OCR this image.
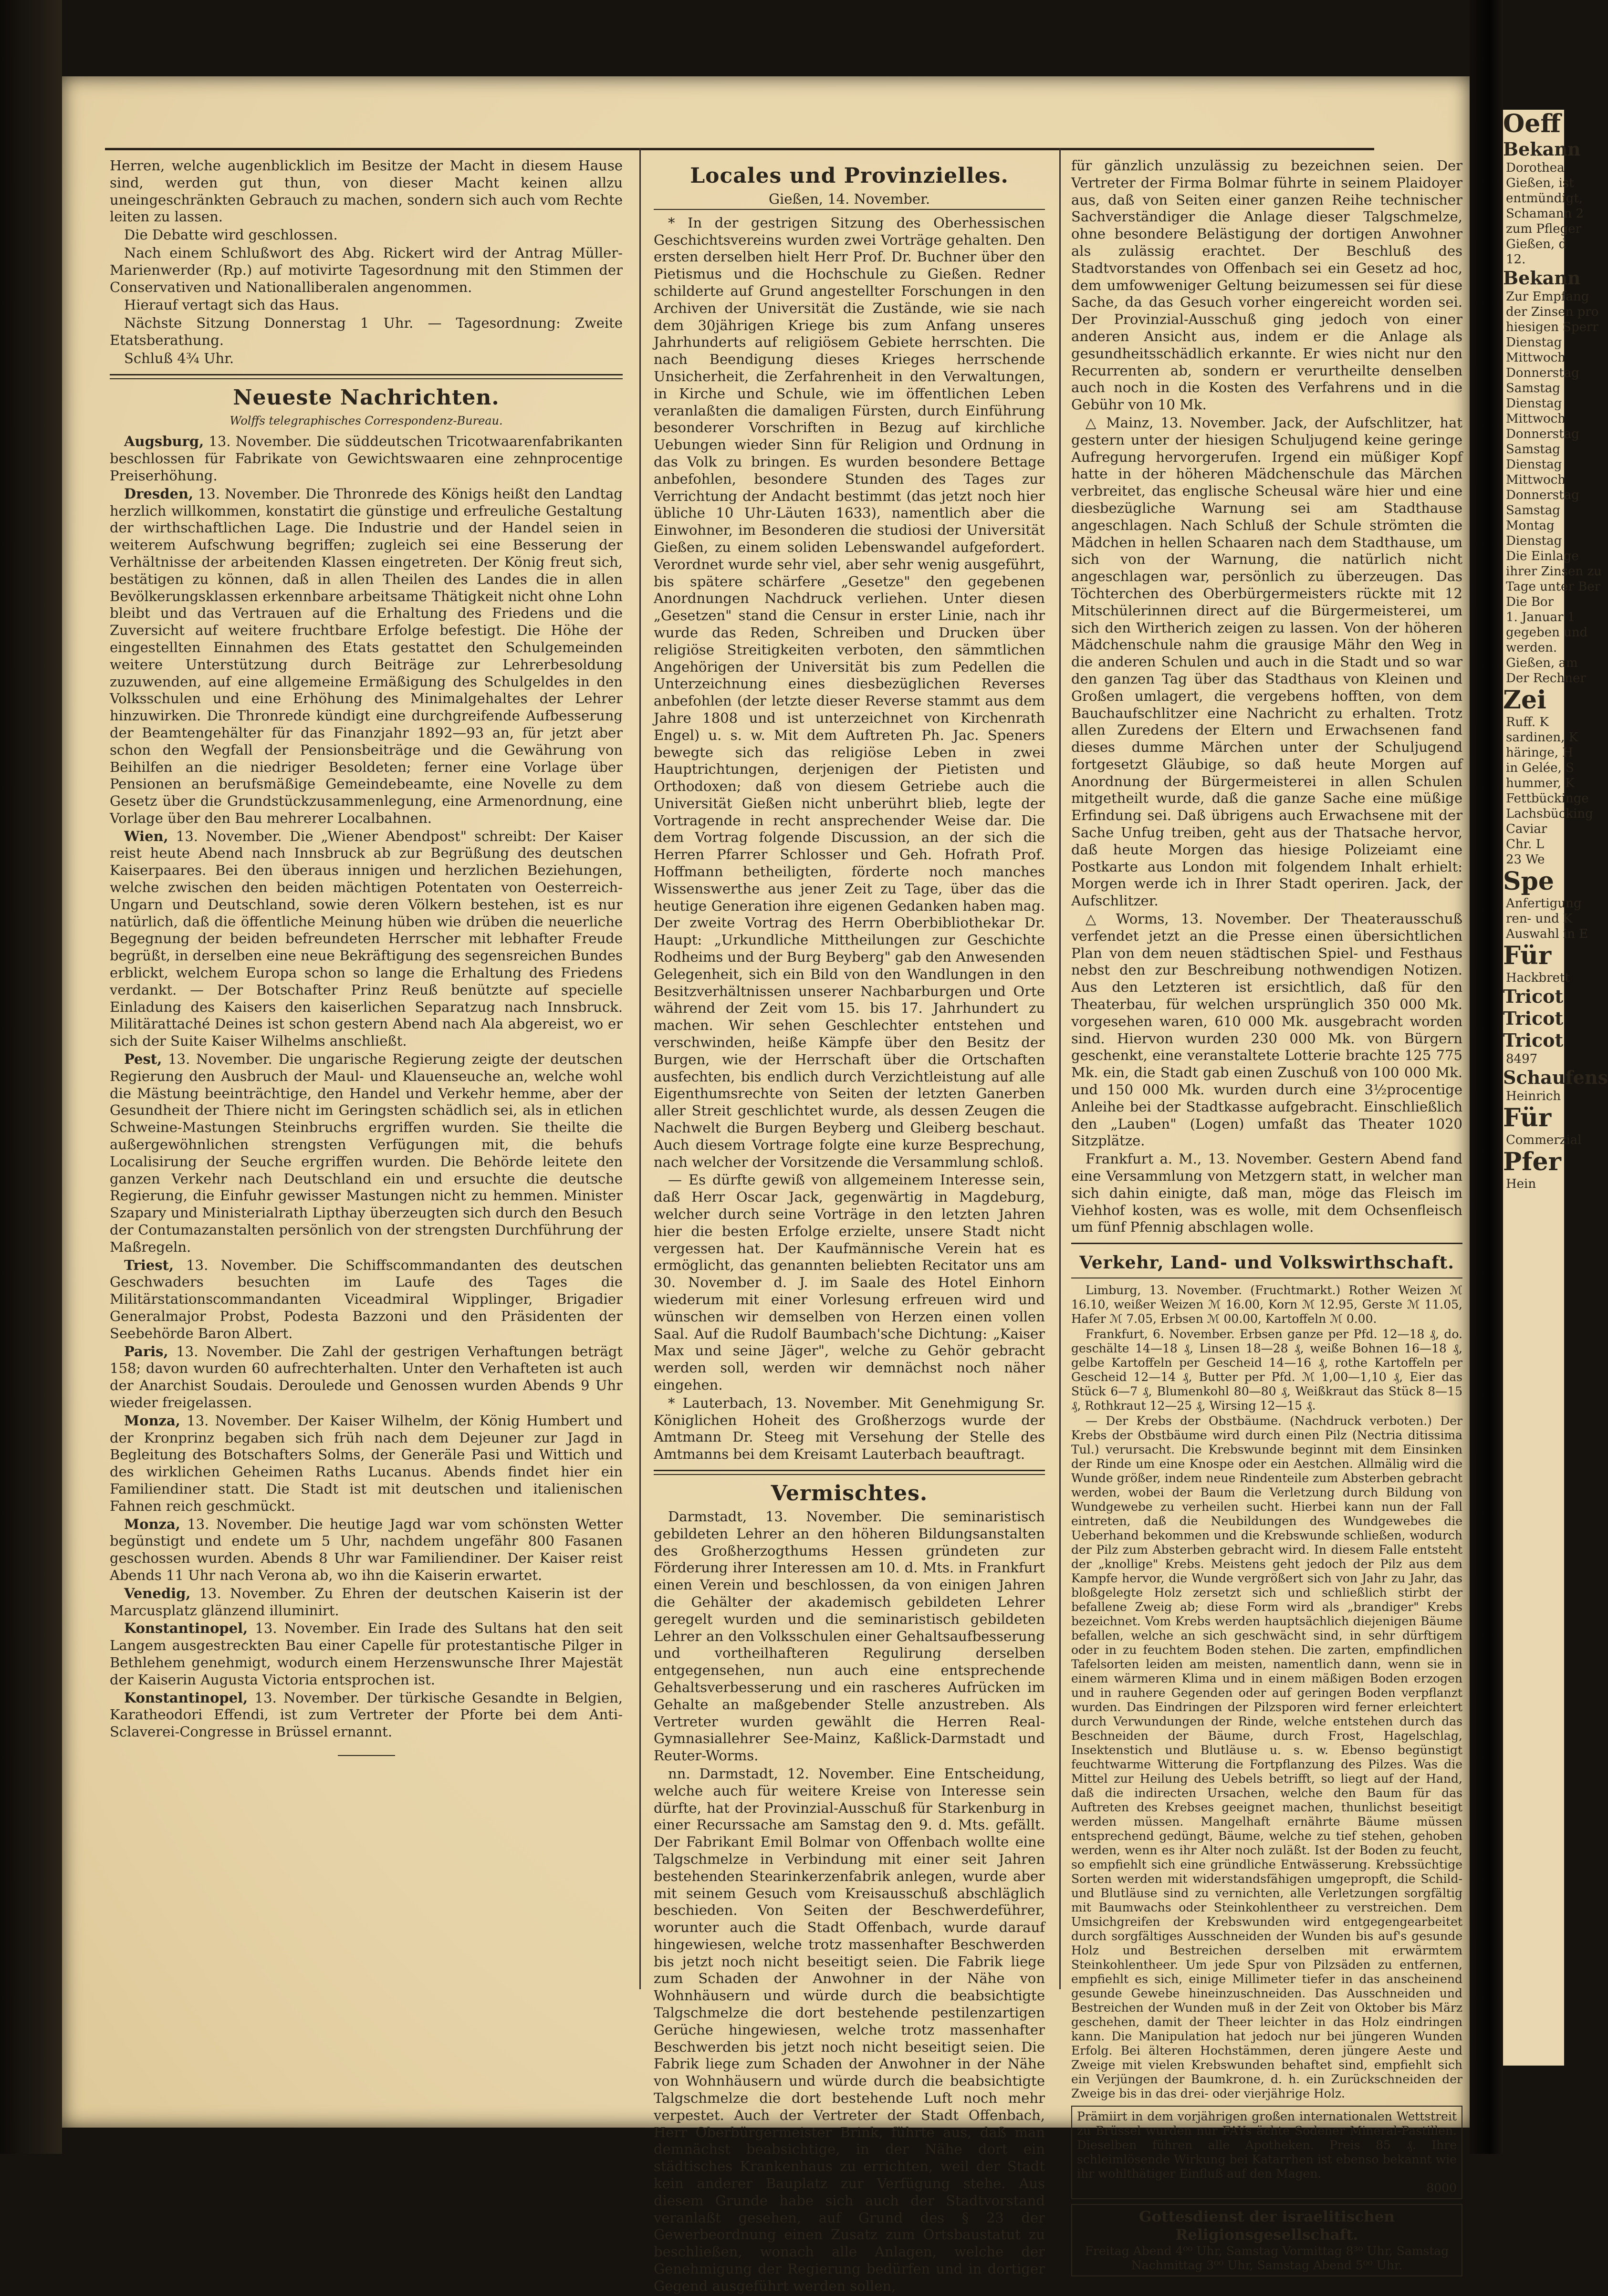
Herren, welche augenblicklich im Besitze der Macht in diesem Hause sind, werden gut thun, von dieser Macht keinen allzu uneingeschränkten Gebrauch zu machen, sondern sich auch vom Rechte leiten zu lassen.

Die Debatte wird geschlossen.

Nach einem Schlußwort des Abg. Rickert wird der Antrag Müller-Marienwerder (Rp.) auf motivirte Tagesordnung mit den Stimmen der Conservativen und Nationalliberalen angenommen.

Hierauf vertagt sich das Haus.

Nächste Sitzung Donnerstag 1 Uhr. — Tagesordnung: Zweite Etatsberathung.

Schluß 4¾ Uhr.

Neueste Nachrichten.
Wolffs telegraphisches Correspondenz-Bureau.

Augsburg, 13. November. Die süddeutschen Tricotwaarenfabrikanten beschlossen für Fabrikate von Gewichtswaaren eine zehnprocentige Preiserhöhung.

Dresden, 13. November. Die Thronrede des Königs heißt den Landtag herzlich willkommen, konstatirt die günstige und erfreuliche Gestaltung der wirthschaftlichen Lage. Die Industrie und der Handel seien in weiterem Aufschwung begriffen; zugleich sei eine Besserung der Verhältnisse der arbeitenden Klassen eingetreten. Der König freut sich, bestätigen zu können, daß in allen Theilen des Landes die in allen Bevölkerungsklassen erkennbare arbeitsame Thätigkeit nicht ohne Lohn bleibt und das Vertrauen auf die Erhaltung des Friedens und die Zuversicht auf weitere fruchtbare Erfolge befestigt. Die Höhe der eingestellten Einnahmen des Etats gestattet den Schulgemeinden weitere Unterstützung durch Beiträge zur Lehrerbesoldung zuzuwenden, auf eine allgemeine Ermäßigung des Schulgeldes in den Volksschulen und eine Erhöhung des Minimalgehaltes der Lehrer hinzuwirken. Die Thronrede kündigt eine durchgreifende Aufbesserung der Beamtengehälter für das Finanzjahr 1892—93 an, für jetzt aber schon den Wegfall der Pensionsbeiträge und die Gewährung von Beihilfen an die niedriger Besoldeten; ferner eine Vorlage über Pensionen an berufsmäßige Gemeindebeamte, eine Novelle zu dem Gesetz über die Grundstückzusammenlegung, eine Armenordnung, eine Vorlage über den Bau mehrerer Localbahnen.

Wien, 13. November. Die „Wiener Abendpost" schreibt: Der Kaiser reist heute Abend nach Innsbruck ab zur Begrüßung des deutschen Kaiserpaares. Bei den überaus innigen und herzlichen Beziehungen, welche zwischen den beiden mächtigen Potentaten von Oesterreich-Ungarn und Deutschland, sowie deren Völkern bestehen, ist es nur natürlich, daß die öffentliche Meinung hüben wie drüben die neuerliche Begegnung der beiden befreundeten Herrscher mit lebhafter Freude begrüßt, in derselben eine neue Bekräftigung des segensreichen Bundes erblickt, welchem Europa schon so lange die Erhaltung des Friedens verdankt. — Der Botschafter Prinz Reuß benützte auf specielle Einladung des Kaisers den kaiserlichen Separatzug nach Innsbruck. Militärattaché Deines ist schon gestern Abend nach Ala abgereist, wo er sich der Suite Kaiser Wilhelms anschließt.

Pest, 13. November. Die ungarische Regierung zeigte der deutschen Regierung den Ausbruch der Maul- und Klauenseuche an, welche wohl die Mästung beeinträchtige, den Handel und Verkehr hemme, aber der Gesundheit der Thiere nicht im Geringsten schädlich sei, als in etlichen Schweine-Mastungen Steinbruchs ergriffen wurden. Sie theilte die außergewöhnlichen strengsten Verfügungen mit, die behufs Localisirung der Seuche ergriffen wurden. Die Behörde leitete den ganzen Verkehr nach Deutschland ein und ersuchte die deutsche Regierung, die Einfuhr gewisser Mastungen nicht zu hemmen. Minister Szapary und Ministerialrath Lipthay überzeugten sich durch den Besuch der Contumazanstalten persönlich von der strengsten Durchführung der Maßregeln.

Triest, 13. November. Die Schiffscommandanten des deutschen Geschwaders besuchten im Laufe des Tages die Militärstationscommandanten Viceadmiral Wipplinger, Brigadier Generalmajor Probst, Podesta Bazzoni und den Präsidenten der Seebehörde Baron Albert.

Paris, 13. November. Die Zahl der gestrigen Verhaftungen beträgt 158; davon wurden 60 aufrechterhalten. Unter den Verhafteten ist auch der Anarchist Soudais. Deroulede und Genossen wurden Abends 9 Uhr wieder freigelassen.

Monza, 13. November. Der Kaiser Wilhelm, der König Humbert und der Kronprinz begaben sich früh nach dem Dejeuner zur Jagd in Begleitung des Botschafters Solms, der Generäle Pasi und Wittich und des wirklichen Geheimen Raths Lucanus. Abends findet hier ein Familiendiner statt. Die Stadt ist mit deutschen und italienischen Fahnen reich geschmückt.

Monza, 13. November. Die heutige Jagd war vom schönsten Wetter begünstigt und endete um 5 Uhr, nachdem ungefähr 800 Fasanen geschossen wurden. Abends 8 Uhr war Familiendiner. Der Kaiser reist Abends 11 Uhr nach Verona ab, wo ihn die Kaiserin erwartet.

Venedig, 13. November. Zu Ehren der deutschen Kaiserin ist der Marcusplatz glänzend illuminirt.

Konstantinopel, 13. November. Ein Irade des Sultans hat den seit Langem ausgestreckten Bau einer Capelle für protestantische Pilger in Bethlehem genehmigt, wodurch einem Herzenswunsche Ihrer Majestät der Kaiserin Augusta Victoria entsprochen ist.

Konstantinopel, 13. November. Der türkische Gesandte in Belgien, Karatheodori Effendi, ist zum Vertreter der Pforte bei dem Anti-Sclaverei-Congresse in Brüssel ernannt.

Locales und Provinzielles.

Gießen, 14. November.

* In der gestrigen Sitzung des Oberhessischen Geschichtsvereins wurden zwei Vorträge gehalten. Den ersten derselben hielt Herr Prof. Dr. Buchner über den Pietismus und die Hochschule zu Gießen. Redner schilderte auf Grund angestellter Forschungen in den Archiven der Universität die Zustände, wie sie nach dem 30jährigen Kriege bis zum Anfang unseres Jahrhunderts auf religiösem Gebiete herrschten. Die nach Beendigung dieses Krieges herrschende Unsicherheit, die Zerfahrenheit in den Verwaltungen, in Kirche und Schule, wie im öffentlichen Leben veranlaßten die damaligen Fürsten, durch Einführung besonderer Vorschriften in Bezug auf kirchliche Uebungen wieder Sinn für Religion und Ordnung in das Volk zu bringen. Es wurden besondere Bettage anbefohlen, besondere Stunden des Tages zur Verrichtung der Andacht bestimmt (das jetzt noch hier übliche 10 Uhr-Läuten 1633), namentlich aber die Einwohner, im Besonderen die studiosi der Universität Gießen, zu einem soliden Lebenswandel aufgefordert. Verordnet wurde sehr viel, aber sehr wenig ausgeführt, bis spätere schärfere „Gesetze" den gegebenen Anordnungen Nachdruck verliehen. Unter diesen „Gesetzen" stand die Censur in erster Linie, nach ihr wurde das Reden, Schreiben und Drucken über religiöse Streitigkeiten verboten, den sämmtlichen Angehörigen der Universität bis zum Pedellen die Unterzeichnung eines diesbezüglichen Reverses anbefohlen (der letzte dieser Reverse stammt aus dem Jahre 1808 und ist unterzeichnet von Kirchenrath Engel) u. s. w. Mit dem Auftreten Ph. Jac. Speners bewegte sich das religiöse Leben in zwei Hauptrichtungen, derjenigen der Pietisten und Orthodoxen; daß von diesem Getriebe auch die Universität Gießen nicht unberührt blieb, legte der Vortragende in recht ansprechender Weise dar. Die dem Vortrag folgende Discussion, an der sich die Herren Pfarrer Schlosser und Geh. Hofrath Prof. Hoffmann betheiligten, förderte noch manches Wissenswerthe aus jener Zeit zu Tage, über das die heutige Generation ihre eigenen Gedanken haben mag. Der zweite Vortrag des Herrn Oberbibliothekar Dr. Haupt: „Urkundliche Mittheilungen zur Geschichte Rodheims und der Burg Beyberg" gab den Anwesenden Gelegenheit, sich ein Bild von den Wandlungen in den Besitzverhältnissen unserer Nachbarburgen und Orte während der Zeit vom 15. bis 17. Jahrhundert zu machen. Wir sehen Geschlechter entstehen und verschwinden, heiße Kämpfe über den Besitz der Burgen, wie der Herrschaft über die Ortschaften ausfechten, bis endlich durch Verzichtleistung auf alle Eigenthumsrechte von Seiten der letzten Ganerben aller Streit geschlichtet wurde, als dessen Zeugen die Nachwelt die Burgen Beyberg und Gleiberg beschaut. Auch diesem Vortrage folgte eine kurze Besprechung, nach welcher der Vorsitzende die Versammlung schloß.

— Es dürfte gewiß von allgemeinem Interesse sein, daß Herr Oscar Jack, gegenwärtig in Magdeburg, welcher durch seine Vorträge in den letzten Jahren hier die besten Erfolge erzielte, unsere Stadt nicht vergessen hat. Der Kaufmännische Verein hat es ermöglicht, das genannten beliebten Recitator uns am 30. November d. J. im Saale des Hotel Einhorn wiederum mit einer Vorlesung erfreuen wird und wünschen wir demselben von Herzen einen vollen Saal. Auf die Rudolf Baumbach'sche Dichtung: „Kaiser Max und seine Jäger", welche zu Gehör gebracht werden soll, werden wir demnächst noch näher eingehen.

* Lauterbach, 13. November. Mit Genehmigung Sr. Königlichen Hoheit des Großherzogs wurde der Amtmann Dr. Steeg mit Versehung der Stelle des Amtmanns bei dem Kreisamt Lauterbach beauftragt.

Vermischtes.

Darmstadt, 13. November. Die seminaristisch gebildeten Lehrer an den höheren Bildungsanstalten des Großherzogthums Hessen gründeten zur Förderung ihrer Interessen am 10. d. Mts. in Frankfurt einen Verein und beschlossen, da von einigen Jahren die Gehälter der akademisch gebildeten Lehrer geregelt wurden und die seminaristisch gebildeten Lehrer an den Volksschulen einer Gehaltsaufbesserung und vortheilhafteren Regulirung derselben entgegensehen, nun auch eine entsprechende Gehaltsverbesserung und ein rascheres Aufrücken im Gehalte an maßgebender Stelle anzustreben. Als Vertreter wurden gewählt die Herren Real-Gymnasiallehrer See-Mainz, Kaßlick-Darmstadt und Reuter-Worms.

nn. Darmstadt, 12. November. Eine Entscheidung, welche auch für weitere Kreise von Interesse sein dürfte, hat der Provinzial-Ausschuß für Starkenburg in einer Recurssache am Samstag den 9. d. Mts. gefällt. Der Fabrikant Emil Bolmar von Offenbach wollte eine Talgschmelze in Verbindung mit einer seit Jahren bestehenden Stearinkerzenfabrik anlegen, wurde aber mit seinem Gesuch vom Kreisausschuß abschläglich beschieden. Von Seiten der Beschwerdeführer, worunter auch die Stadt Offenbach, wurde darauf hingewiesen, welche trotz massenhafter Beschwerden bis jetzt noch nicht beseitigt seien. Die Fabrik liege zum Schaden der Anwohner in der Nähe von Wohnhäusern und würde durch die beabsichtigte Talgschmelze die dort bestehende pestilenzartigen Gerüche hingewiesen, welche trotz massenhafter Beschwerden bis jetzt noch nicht beseitigt seien. Die Fabrik liege zum Schaden der Anwohner in der Nähe von Wohnhäusern und würde durch die beabsichtigte Talgschmelze die dort bestehende Luft noch mehr verpestet. Auch der Vertreter der Stadt Offenbach, Herr Oberbürgermeister Brink, führte aus, daß man demnächst beabsichtige, in der Nähe dort ein städtisches Krankenhaus zu errichten, weil der Stadt kein anderer Bauplatz zur Verfügung stehe. Aus diesem Grunde habe sich auch der Stadtvorstand veranlaßt gesehen, auf Grund des § 23 der Gewerbeordnung einen Zusatz zum Ortsbaustatut zu beschließen, wonach alle Anlagen, welche der Genehmigung der Regierung bedürfen und in dortiger Gegend ausgeführt werden sollen,

für gänzlich unzulässig zu bezeichnen seien. Der Vertreter der Firma Bolmar führte in seinem Plaidoyer aus, daß von Seiten einer ganzen Reihe technischer Sachverständiger die Anlage dieser Talgschmelze, ohne besondere Belästigung der dortigen Anwohner als zulässig erachtet. Der Beschluß des Stadtvorstandes von Offenbach sei ein Gesetz ad hoc, dem umfowweniger Geltung beizumessen sei für diese Sache, da das Gesuch vorher eingereicht worden sei. Der Provinzial-Ausschuß ging jedoch von einer anderen Ansicht aus, indem er die Anlage als gesundheitsschädlich erkannte. Er wies nicht nur den Recurrenten ab, sondern er verurtheilte denselben auch noch in die Kosten des Verfahrens und in die Gebühr von 10 Mk.

△ Mainz, 13. November. Jack, der Aufschlitzer, hat gestern unter der hiesigen Schuljugend keine geringe Aufregung hervorgerufen. Irgend ein müßiger Kopf hatte in der höheren Mädchenschule das Märchen verbreitet, das englische Scheusal wäre hier und eine diesbezügliche Warnung sei am Stadthause angeschlagen. Nach Schluß der Schule strömten die Mädchen in hellen Schaaren nach dem Stadthause, um sich von der Warnung, die natürlich nicht angeschlagen war, persönlich zu überzeugen. Das Töchterchen des Oberbürgermeisters rückte mit 12 Mitschülerinnen direct auf die Bürgermeisterei, um sich den Wirtherich zeigen zu lassen. Von der höheren Mädchenschule nahm die grausige Mähr den Weg in die anderen Schulen und auch in die Stadt und so war den ganzen Tag über das Stadthaus von Kleinen und Großen umlagert, die vergebens hofften, von dem Bauchaufschlitzer eine Nachricht zu erhalten. Trotz allen Zuredens der Eltern und Erwachsenen fand dieses dumme Märchen unter der Schuljugend fortgesetzt Gläubige, so daß heute Morgen auf Anordnung der Bürgermeisterei in allen Schulen mitgetheilt wurde, daß die ganze Sache eine müßige Erfindung sei. Daß übrigens auch Erwachsene mit der Sache Unfug treiben, geht aus der Thatsache hervor, daß heute Morgen das hiesige Polizeiamt eine Postkarte aus London mit folgendem Inhalt erhielt: Morgen werde ich in Ihrer Stadt operiren. Jack, der Aufschlitzer.

△ Worms, 13. November. Der Theaterausschuß verfendet jetzt an die Presse einen übersichtlichen Plan von dem neuen städtischen Spiel- und Festhaus nebst den zur Beschreibung nothwendigen Notizen. Aus den Letzteren ist ersichtlich, daß für den Theaterbau, für welchen ursprünglich 350 000 Mk. vorgesehen waren, 610 000 Mk. ausgebracht worden sind. Hiervon wurden 230 000 Mk. von Bürgern geschenkt, eine veranstaltete Lotterie brachte 125 775 Mk. ein, die Stadt gab einen Zuschuß von 100 000 Mk. und 150 000 Mk. wurden durch eine 3½procentige Anleihe bei der Stadtkasse aufgebracht. Einschließlich den „Lauben" (Logen) umfaßt das Theater 1020 Sitzplätze.

Frankfurt a. M., 13. November. Gestern Abend fand eine Versammlung von Metzgern statt, in welcher man sich dahin einigte, daß man, möge das Fleisch im Viehhof kosten, was es wolle, mit dem Ochsenfleisch um fünf Pfennig abschlagen wolle.

Verkehr, Land- und Volkswirthschaft.

Limburg, 13. November. (Fruchtmarkt.) Rother Weizen ℳ 16.10, weißer Weizen ℳ 16.00, Korn ℳ 12.95, Gerste ℳ 11.05, Hafer ℳ 7.05, Erbsen ℳ 00.00, Kartoffeln ℳ 0.00.

Frankfurt, 6. November. Erbsen ganze per Pfd. 12—18 ₰, do. geschälte 14—18 ₰, Linsen 18—28 ₰, weiße Bohnen 16—18 ₰, gelbe Kartoffeln per Gescheid 14—16 ₰, rothe Kartoffeln per Gescheid 12—14 ₰, Butter per Pfd. ℳ 1,00—1,10 ₰, Eier das Stück 6—7 ₰, Blumenkohl 80—80 ₰, Weißkraut das Stück 8—15 ₰, Rothkraut 12—25 ₰, Wirsing 12—15 ₰.

— Der Krebs der Obstbäume. (Nachdruck verboten.) Der Krebs der Obstbäume wird durch einen Pilz (Nectria ditissima Tul.) verursacht. Die Krebswunde beginnt mit dem Einsinken der Rinde um eine Knospe oder ein Aestchen. Allmälig wird die Wunde größer, indem neue Rindenteile zum Absterben gebracht werden, wobei der Baum die Verletzung durch Bildung von Wundgewebe zu verheilen sucht. Hierbei kann nun der Fall eintreten, daß die Neubildungen des Wundgewebes die Ueberhand bekommen und die Krebswunde schließen, wodurch der Pilz zum Absterben gebracht wird. In diesem Falle entsteht der „knollige" Krebs. Meistens geht jedoch der Pilz aus dem Kampfe hervor, die Wunde vergrößert sich von Jahr zu Jahr, das bloßgelegte Holz zersetzt sich und schließlich stirbt der befallene Zweig ab; diese Form wird als „brandiger" Krebs bezeichnet. Vom Krebs werden hauptsächlich diejenigen Bäume befallen, welche an sich geschwächt sind, in sehr dürftigem oder in zu feuchtem Boden stehen. Die zarten, empfindlichen Tafelsorten leiden am meisten, namentlich dann, wenn sie in einem wärmeren Klima und in einem mäßigen Boden erzogen und in rauhere Gegenden oder auf geringen Boden verpflanzt wurden. Das Eindringen der Pilzsporen wird ferner erleichtert durch Verwundungen der Rinde, welche entstehen durch das Beschneiden der Bäume, durch Frost, Hagelschlag, Insektenstich und Blutläuse u. s. w. Ebenso begünstigt feuchtwarme Witterung die Fortpflanzung des Pilzes. Was die Mittel zur Heilung des Uebels betrifft, so liegt auf der Hand, daß die indirecten Ursachen, welche den Baum für das Auftreten des Krebses geeignet machen, thunlichst beseitigt werden müssen. Mangelhaft ernährte Bäume müssen entsprechend gedüngt, Bäume, welche zu tief stehen, gehoben werden, wenn es ihr Alter noch zuläßt. Ist der Boden zu feucht, so empfiehlt sich eine gründliche Entwässerung. Krebssüchtige Sorten werden mit widerstandsfähigen umgepropft, die Schild- und Blutläuse sind zu vernichten, alle Verletzungen sorgfältig mit Baumwachs oder Steinkohlentheer zu verstreichen. Dem Umsichgreifen der Krebswunden wird entgegengearbeitet durch sorgfältiges Ausschneiden der Wunden bis auf's gesunde Holz und Bestreichen derselben mit erwärmtem Steinkohlentheer. Um jede Spur von Pilzsäden zu entfernen, empfiehlt es sich, einige Millimeter tiefer in das anscheinend gesunde Gewebe hineinzuschneiden. Das Ausschneiden und Bestreichen der Wunden muß in der Zeit von Oktober bis März geschehen, damit der Theer leichter in das Holz eindringen kann. Die Manipulation hat jedoch nur bei jüngeren Wunden Erfolg. Bei älteren Hochstämmen, deren jüngere Aeste und Zweige mit vielen Krebswunden behaftet sind, empfiehlt sich ein Verjüngen der Baumkrone, d. h. ein Zurückschneiden der Zweige bis in das drei- oder vierjährige Holz.

Prämiirt in dem vorjährigen großen internationalen Wettstreit zu Brüssel wurden nur FAYs ächte Sodener Mineral-Pastillen. Dieselben führen alle Apotheken. Preis 85 ₰. Ihre schleimlösende Wirkung bei Katarrhen ist ebenso bekannt wie ihr wohlthätiger Einfluß auf den Magen.
8000
Gottesdienst der israelitischen Religionsgesellschaft.
Freitag Abend 4⁰⁰ Uhr, Samstag Vormittag 8³⁰ Uhr, Samstag Nachmittag 3⁰⁰ Uhr, Samstag Abend 5⁰⁰ Uhr.
Oeff
Bekann
Dorothea
Gießen, ist
entmündigt,
Schamann 2
zum Pfleger
Gießen, d
12.
Bekann
Zur Empfang
der Zinsen pro
hiesigen Sperr
Dienstag
Mittwoch
Donnerstag
Samstag
Dienstag
Mittwoch
Donnerstag
Samstag
Dienstag
Mittwoch
Donnerstag
Samstag
Montag
Dienstag
Die Einlage
ihrer Zinsen zu
Tage unter Ber
Die Bor
1. Januar 1
gegeben und
werden.
Gießen, am
Der Rechner
Zei
Ruff. K
sardinen, K
häringe, H
in Gelée, S
hummer, K
Fettbückinge
Lachsbücking
Caviar
Chr. L
23 We
Spe
Anfertigung
ren- und K
Auswahl in E
Für
Hackbrett
Tricot
Tricot
Tricot
8497
Schaufens
Heinrich
Für
Commerzial
Pfer
Hein
